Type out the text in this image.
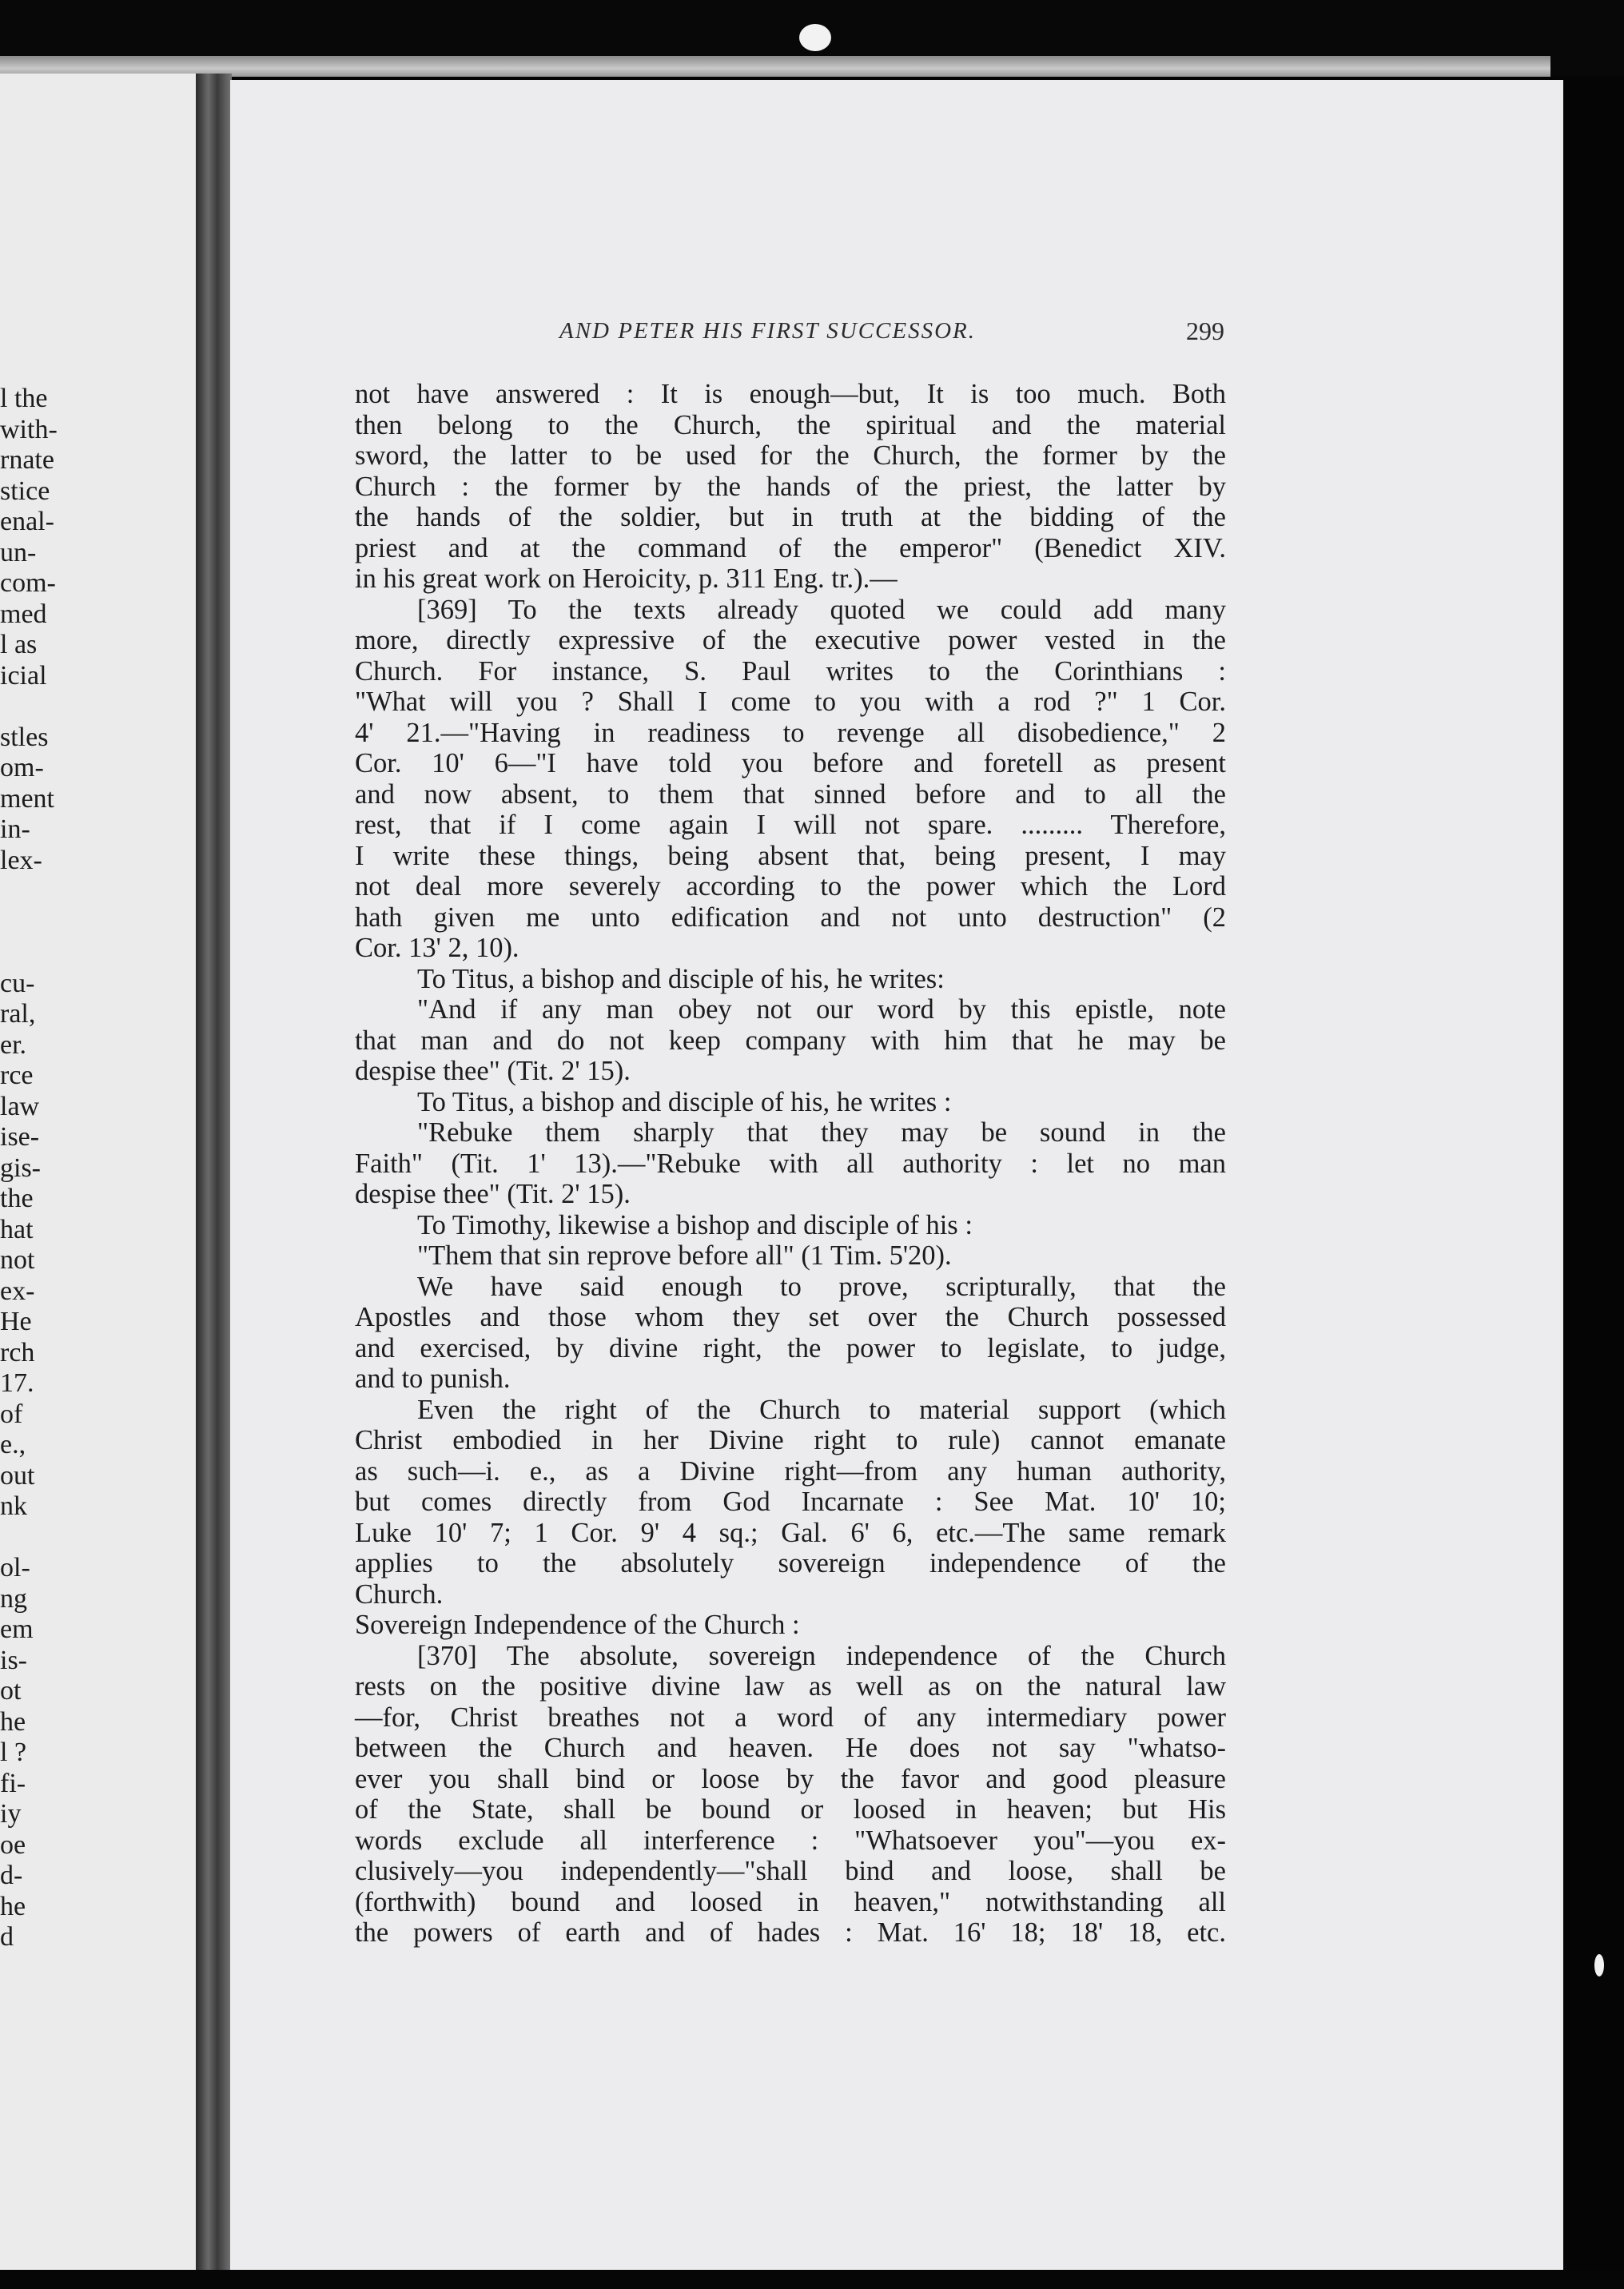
l the
with-
rnate
stice
enal-
un-
com-
med
l as
icial
stles
om-
ment
in-
lex-
cu-
ral,
er.
rce
law
ise-
gis-
the
hat
not
ex-
He
rch
17.
of
e.,
out
nk
ol-
ng
em
is-
ot
he
l ?
fi-
iy
oe
d-
he
d
AND PETER HIS FIRST SUCCESSOR.	299
not have answered : It is enough—but, It is too much. Both
then belong to the Church, the spiritual and the material
sword, the latter to be used for the Church, the former by the
Church : the former by the hands of the priest, the latter by
the hands of the soldier, but in truth at the bidding of the
priest and at the command of the emperor" (Benedict XIV.
in his great work on Heroicity, p. 311 Eng. tr.).—
[369] To the texts already quoted we could add many
more, directly expressive of the executive power vested in the
Church. For instance, S. Paul writes to the Corinthians :
"What will you ? Shall I come to you with a rod ?" 1 Cor.
4' 21.—"Having in readiness to revenge all disobedience," 2
Cor. 10' 6—"I have told you before and foretell as present
and now absent, to them that sinned before and to all the
rest, that if I come again I will not spare. ......... Therefore,
I write these things, being absent that, being present, I may
not deal more severely according to the power which the Lord
hath given me unto edification and not unto destruction" (2
Cor. 13' 2, 10).
To Titus, a bishop and disciple of his, he writes:
"And if any man obey not our word by this epistle, note
that man and do not keep company with him that he may be
despise thee" (Tit. 2' 15).
To Titus, a bishop and disciple of his, he writes :
"Rebuke them sharply that they may be sound in the
Faith" (Tit. 1' 13).—"Rebuke with all authority : let no man
despise thee" (Tit. 2' 15).
To Timothy, likewise a bishop and disciple of his :
"Them that sin reprove before all" (1 Tim. 5'20).
We have said enough to prove, scripturally, that the
Apostles and those whom they set over the Church possessed
and exercised, by divine right, the power to legislate, to judge,
and to punish.
Even the right of the Church to material support (which
Christ embodied in her Divine right to rule) cannot emanate
as such—i. e., as a Divine right—from any human authority,
but comes directly from God Incarnate : See Mat. 10' 10;
Luke 10' 7; 1 Cor. 9' 4 sq.; Gal. 6' 6, etc.—The same remark
applies to the absolutely sovereign independence of the
Church.
Sovereign Independence of the Church :
[370] The absolute, sovereign independence of the Church
rests on the positive divine law as well as on the natural law
—for, Christ breathes not a word of any intermediary power
between the Church and heaven. He does not say "whatso-
ever you shall bind or loose by the favor and good pleasure
of the State, shall be bound or loosed in heaven; but His
words exclude all interference : "Whatsoever you"—you ex-
clusively—you independently—"shall bind and loose, shall be
(forthwith) bound and loosed in heaven," notwithstanding all
the powers of earth and of hades : Mat. 16' 18; 18' 18, etc.
